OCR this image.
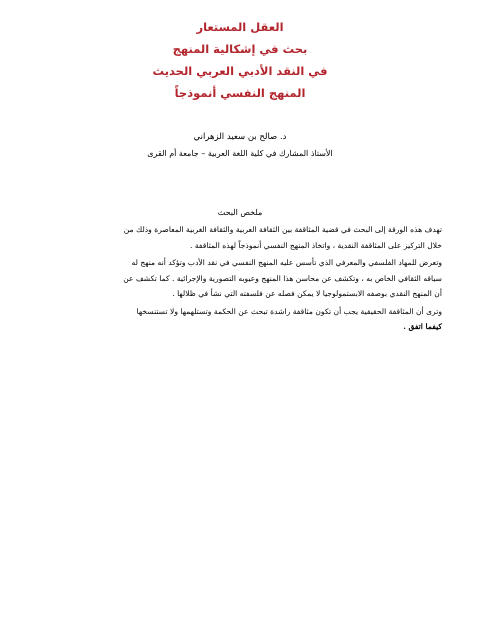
العقل المستعار
بحث في إشكالية المنهج
في النقد الأدبي العربي الحديث
المنهج النفسي أنموذجاً
د. صالح بن سعيد الزهراني
الأستاذ المشارك في كلية اللغة العربية – جامعة أم القرى
ملخص البحث
تهدف هذه الورقة إلى البحث في قضية المثاقفة بين الثقافة العربية والثقافة الغربية المعاصرة وذلك من
خلال التركيز على المثاقفة النقدية ، واتخاذ المنهج النفسي أنموذجاً لهذه المثاقفة .
وتعرض للمهاد الفلسفي والمعرفي الذي تأسس عليه المنهج النفسي في نقد الأدب وتؤكد أنه منهج له
سياقه الثقافي الخاص به ، وتكشف عن محاسن هذا المنهج وعيوبه التصورية والإجرائية . كما تكشف عن
أن المنهج النقدي بوصفه الابستمولوجيا لا يمكن فصله عن فلسفته التي نشأ في ظلالها .
وترى أن المثاقفة الحقيقية يجب أن تكون مثاقفة راشدة تبحث عن الحكمة وتستلهمها ولا تستنسخها
كيفما اتفق .
